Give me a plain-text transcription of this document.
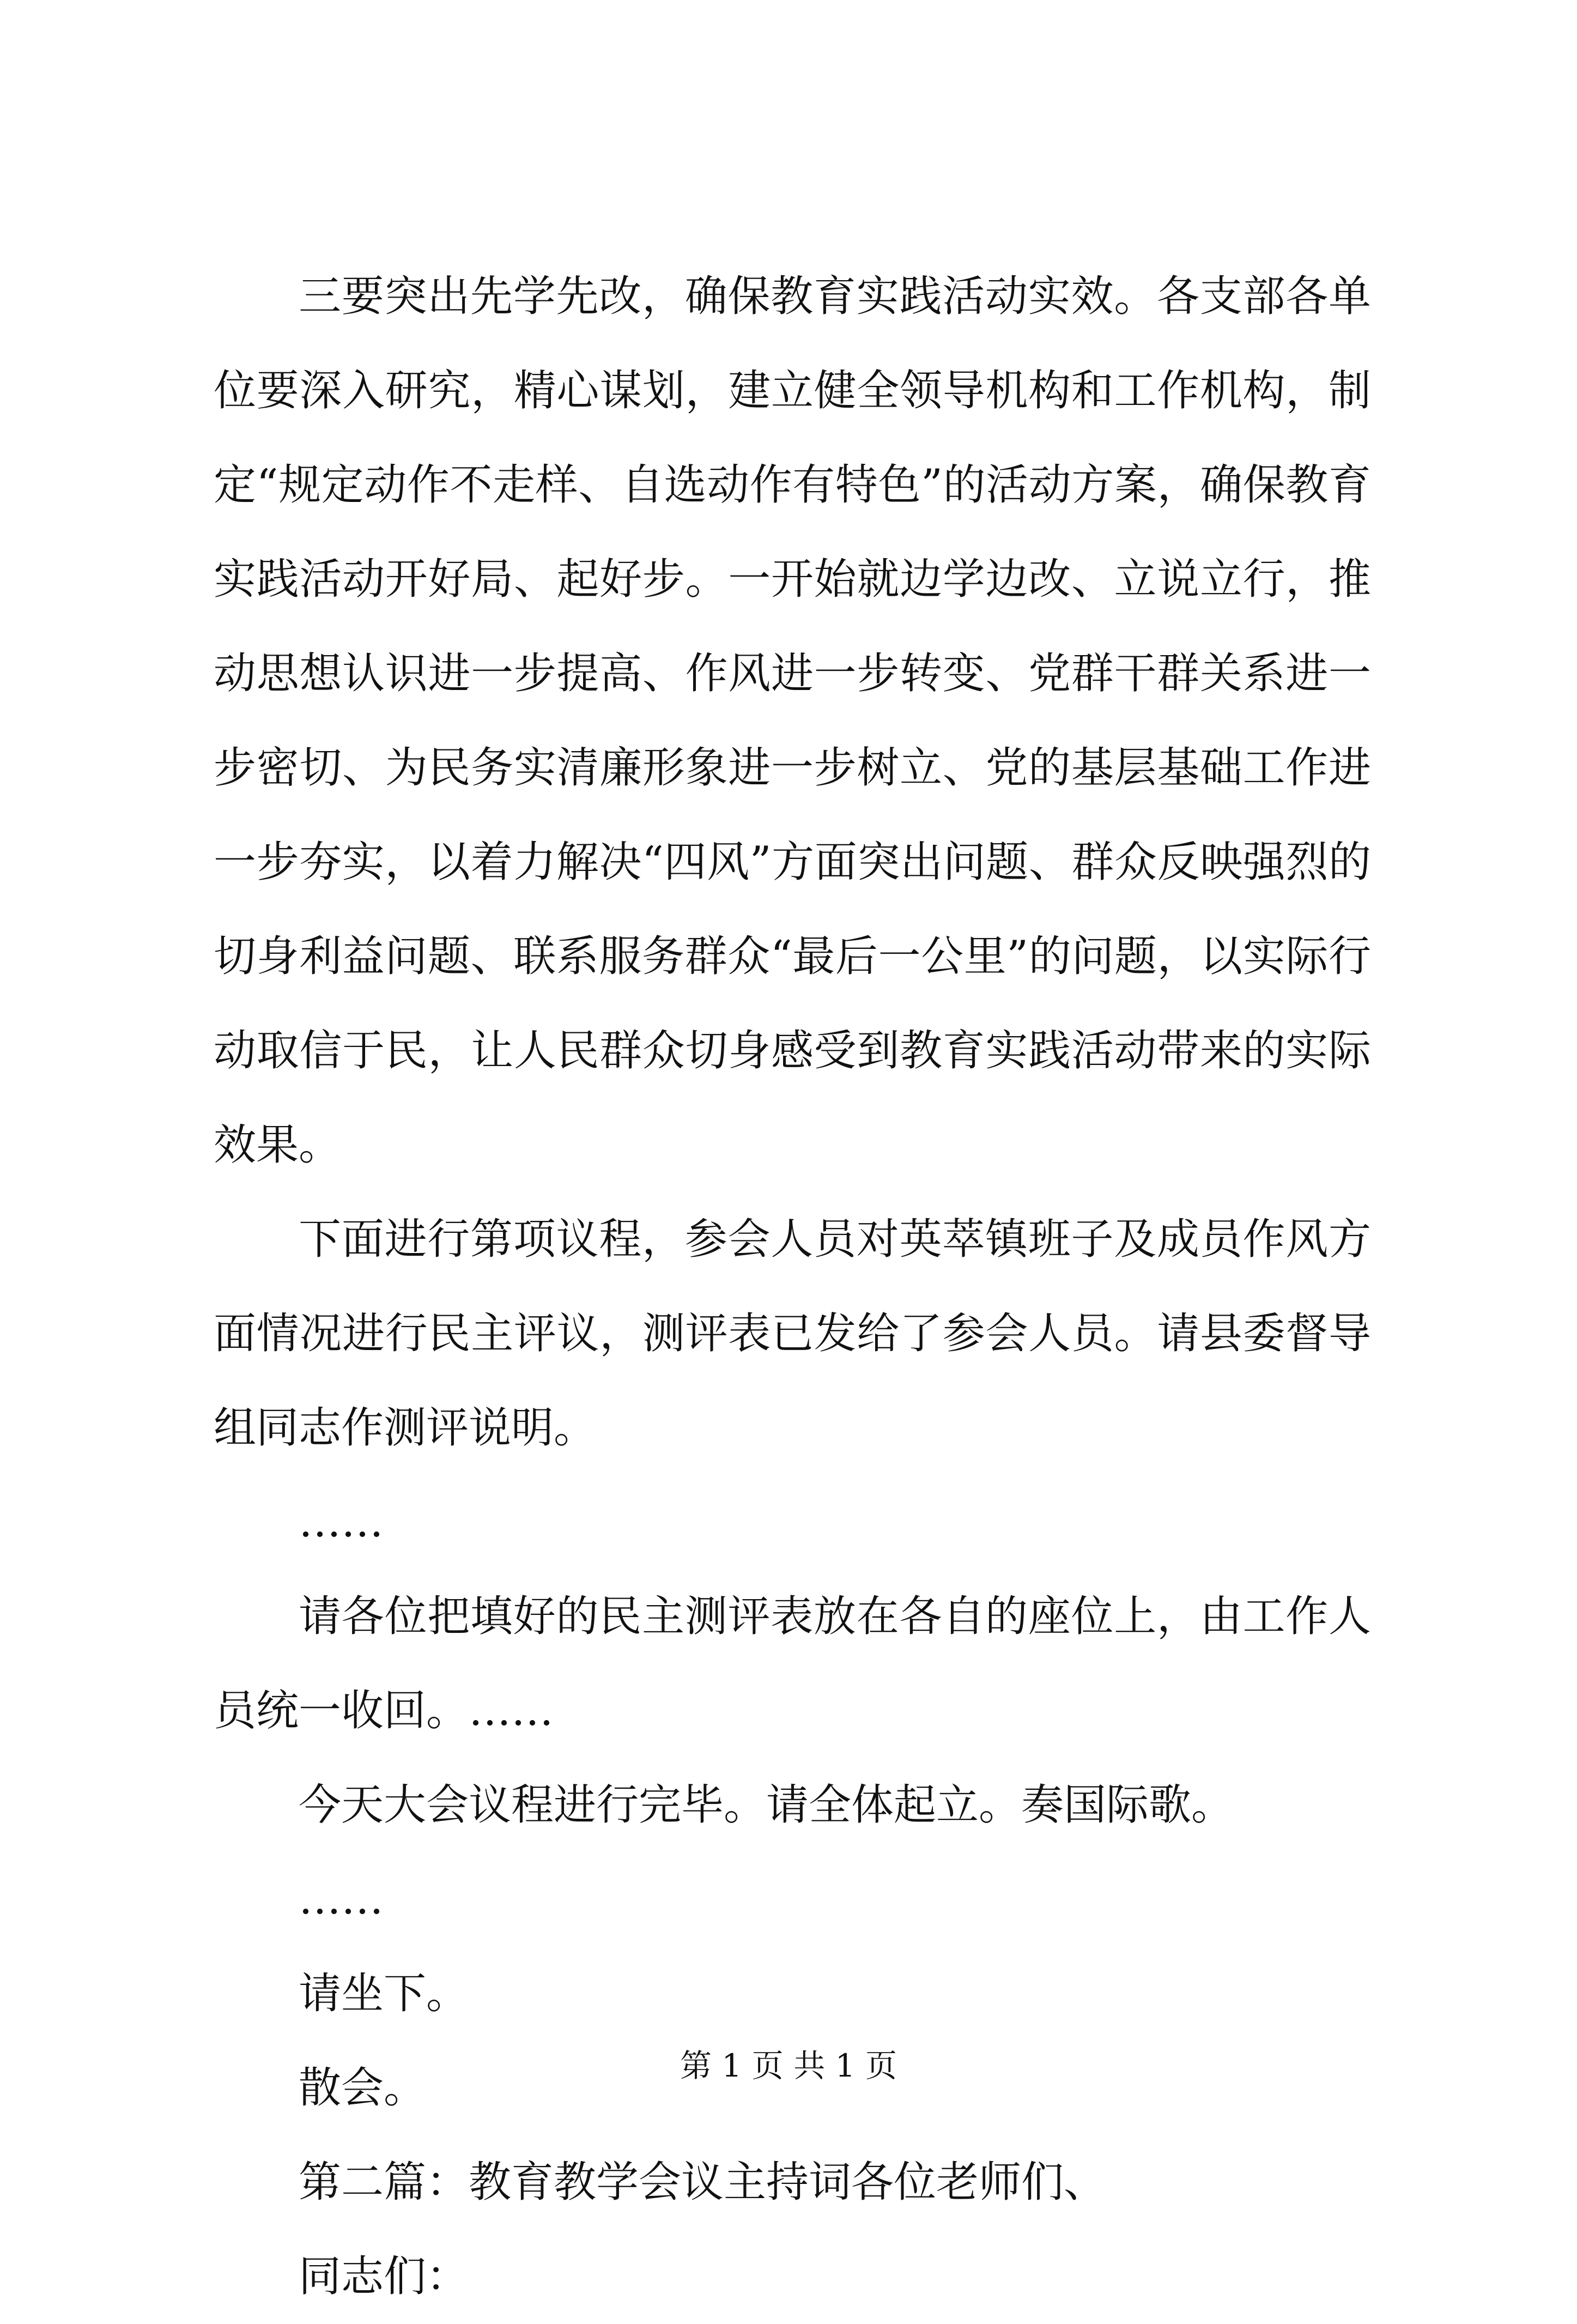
三要突出先学先改，确保教育实践活动实效。各支部各单位要深入研究，精心谋划，建立健全领导机构和工作机构，制定“规定动作不走样、自选动作有特色”的活动方案，确保教育实践活动开好局、起好步。一开始就边学边改、立说立行，推动思想认识进一步提高、作风进一步转变、党群干群关系进一步密切、为民务实清廉形象进一步树立、党的基层基础工作进一步夯实，以着力解决“四风”方面突出问题、群众反映强烈的切身利益问题、联系服务群众“最后一公里”的问题，以实际行动取信于民，让人民群众切身感受到教育实践活动带来的实际效果。

下面进行第项议程，参会人员对英萃镇班子及成员作风方面情况进行民主评议，测评表已发给了参会人员。请县委督导组同志作测评说明。

……

请各位把填好的民主测评表放在各自的座位上，由工作人员统一收回。……

今天大会议程进行完毕。请全体起立。奏国际歌。

……

请坐下。

散会。

第二篇：教育教学会议主持词各位老师们、

同志们：

第 1 页 共 1 页
